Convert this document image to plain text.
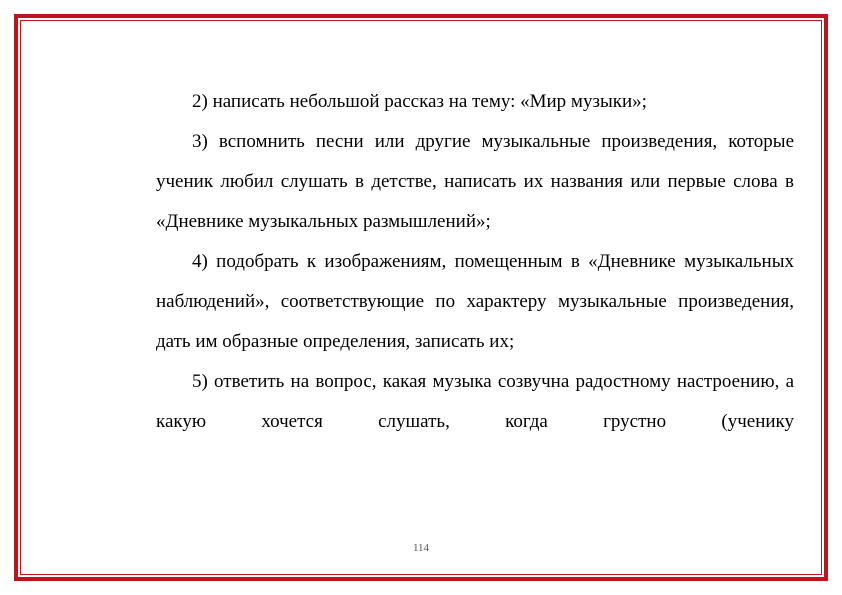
2) написать небольшой рассказ на тему: «Мир музыки»;

3) вспомнить песни или другие музыкальные произведения, которые ученик любил слушать в детстве, написать их названия или первые слова в «Дневнике музыкальных размышлений»;

4) подобрать к изображениям, помещенным в «Дневнике музыкальных наблюдений», соответствующие по характеру музыкальные произведения, дать им образные определения, записать их;

5) ответить на вопрос, какая музыка созвучна радостному настроению, а какую хочется слушать, когда грустно (ученику

114
